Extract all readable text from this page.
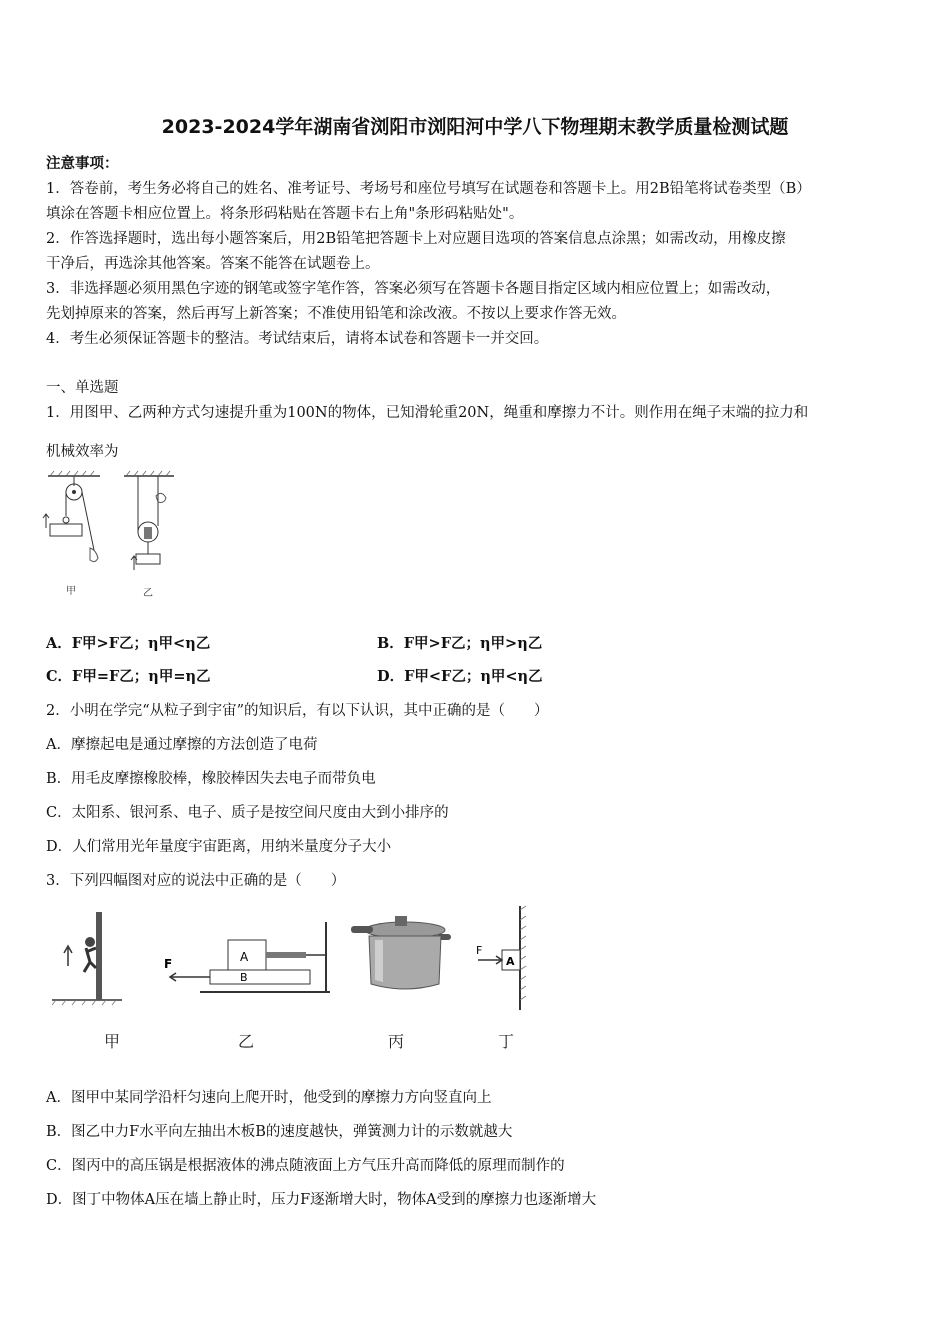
2023-2024学年湖南省浏阳市浏阳河中学八下物理期末教学质量检测试题
注意事项：
1．答卷前，考生务必将自己的姓名、准考证号、考场号和座位号填写在试题卷和答题卡上。用2B铅笔将试卷类型（B）
填涂在答题卡相应位置上。将条形码粘贴在答题卡右上角"条形码粘贴处"。
2．作答选择题时，选出每小题答案后，用2B铅笔把答题卡上对应题目选项的答案信息点涂黑；如需改动，用橡皮擦
干净后，再选涂其他答案。答案不能答在试题卷上。
3．非选择题必须用黑色字迹的钢笔或签字笔作答，答案必须写在答题卡各题目指定区域内相应位置上；如需改动，
先划掉原来的答案，然后再写上新答案；不准使用铅笔和涂改液。不按以上要求作答无效。
4．考生必须保证答题卡的整洁。考试结束后，请将本试卷和答题卡一并交回。
一、单选题
1．用图甲、乙两种方式匀速提升重为100N的物体，已知滑轮重20N，绳重和摩擦力不计。则作用在绳子末端的拉力和
机械效率为
甲	乙
A．F甲>F乙；η甲<η乙	B．F甲>F乙；η甲>η乙
C．F甲=F乙；η甲=η乙	D．F甲<F乙；η甲<η乙
2．小明在学完“从粒子到宇宙”的知识后，有以下认识，其中正确的是（　　）
A．摩擦起电是通过摩擦的方法创造了电荷
B．用毛皮摩擦橡胶棒，橡胶棒因失去电子而带负电
C．太阳系、银河系、电子、质子是按空间尺度由大到小排序的
D．人们常用光年量度宇宙距离，用纳米量度分子大小
3．下列四幅图对应的说法中正确的是（　　）
A
B
F	A
F
甲	乙	丙	丁
A．图甲中某同学沿杆匀速向上爬开时，他受到的摩擦力方向竖直向上
B．图乙中力F水平向左抽出木板B的速度越快，弹簧测力计的示数就越大
C．图丙中的高压锅是根据液体的沸点随液面上方气压升高而降低的原理而制作的
D．图丁中物体A压在墙上静止时，压力F逐渐增大时，物体A受到的摩擦力也逐渐增大
